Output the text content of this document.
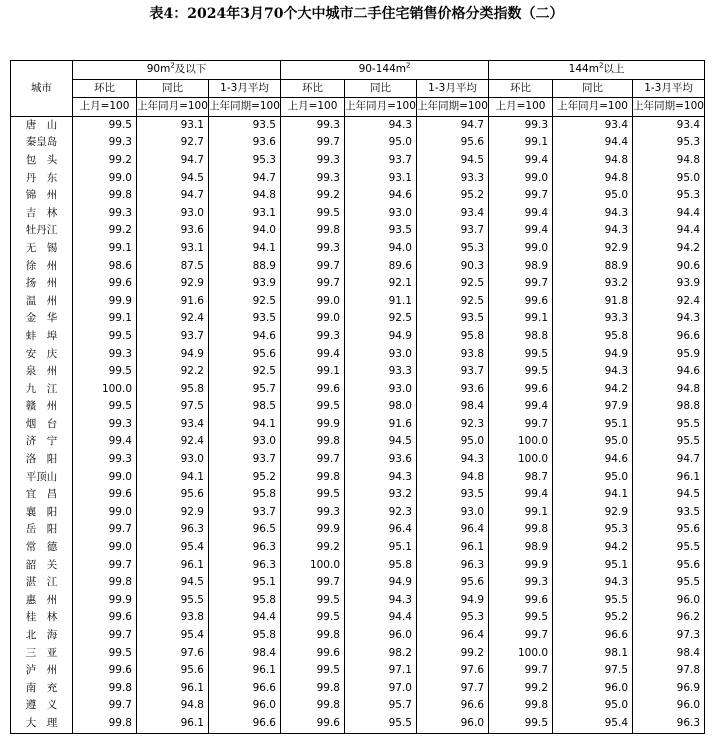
表4：2024年3月70个大中城市二手住宅销售价格分类指数（二）
城市	$90m^2$及以下			$90-144m^2$			$144m^2$以上		
	环比	同比	1-3月平均	环比	同比	1-3月平均	环比	同比	1-3月平均
	上月=100	上年同月=100	上年同期=100	上月=100	上年同月=100	上年同期=100	上月=100	上年同月=100	上年同期=100
唐　山	99.5	93.1	93.5	99.3	94.3	94.7	99.3	93.4	93.4
秦皇岛	99.3	92.7	93.6	99.7	95.0	95.6	99.1	94.4	95.3
包　头	99.2	94.7	95.3	99.3	93.7	94.5	99.4	94.8	94.8
丹　东	99.0	94.5	94.7	99.3	93.1	93.3	99.0	94.8	95.0
锦　州	99.8	94.7	94.8	99.2	94.6	95.2	99.7	95.0	95.3
吉　林	99.3	93.0	93.1	99.5	93.0	93.4	99.4	94.3	94.4
牡丹江	99.2	93.6	94.0	99.8	93.5	93.7	99.4	94.3	94.4
无　锡	99.1	93.1	94.1	99.3	94.0	95.3	99.0	92.9	94.2
徐　州	98.6	87.5	88.9	99.7	89.6	90.3	98.9	88.9	90.6
扬　州	99.6	92.9	93.9	99.7	92.1	92.5	99.7	93.2	93.9
温　州	99.9	91.6	92.5	99.0	91.1	92.5	99.6	91.8	92.4
金　华	99.1	92.4	93.5	99.0	92.5	93.5	99.1	93.3	94.3
蚌　埠	99.5	93.7	94.6	99.3	94.9	95.8	98.8	95.8	96.6
安　庆	99.3	94.9	95.6	99.4	93.0	93.8	99.5	94.9	95.9
泉　州	99.5	92.2	92.5	99.1	93.3	93.7	99.5	94.3	94.6
九　江	100.0	95.8	95.7	99.6	93.0	93.6	99.6	94.2	94.8
赣　州	99.5	97.5	98.5	99.5	98.0	98.4	99.4	97.9	98.8
烟　台	99.3	93.4	94.1	99.9	91.6	92.3	99.7	95.1	95.5
济　宁	99.4	92.4	93.0	99.8	94.5	95.0	100.0	95.0	95.5
洛　阳	99.3	93.0	93.7	99.7	93.6	94.3	100.0	94.6	94.7
平顶山	99.0	94.1	95.2	99.8	94.3	94.8	98.7	95.0	96.1
宜　昌	99.6	95.6	95.8	99.5	93.2	93.5	99.4	94.1	94.5
襄　阳	99.0	92.9	93.7	99.3	92.3	93.0	99.1	92.9	93.5
岳　阳	99.7	96.3	96.5	99.9	96.4	96.4	99.8	95.3	95.6
常　德	99.0	95.4	96.3	99.2	95.1	96.1	98.9	94.2	95.5
韶　关	99.7	96.1	96.3	100.0	95.8	96.3	99.9	95.1	95.6
湛　江	99.8	94.5	95.1	99.7	94.9	95.6	99.3	94.3	95.5
惠　州	99.9	95.5	95.8	99.5	94.3	94.9	99.6	95.5	96.0
桂　林	99.6	93.8	94.4	99.5	94.4	95.3	99.5	95.2	96.2
北　海	99.7	95.4	95.8	99.8	96.0	96.4	99.7	96.6	97.3
三　亚	99.5	97.6	98.4	99.6	98.2	99.2	100.0	98.1	98.4
泸　州	99.6	95.6	96.1	99.5	97.1	97.6	99.7	97.5	97.8
南　充	99.8	96.1	96.6	99.8	97.0	97.7	99.2	96.0	96.9
遵　义	99.7	94.8	96.0	99.8	95.7	96.6	99.8	95.0	96.0
大　理	99.8	96.1	96.6	99.6	95.5	96.0	99.5	95.4	96.3
